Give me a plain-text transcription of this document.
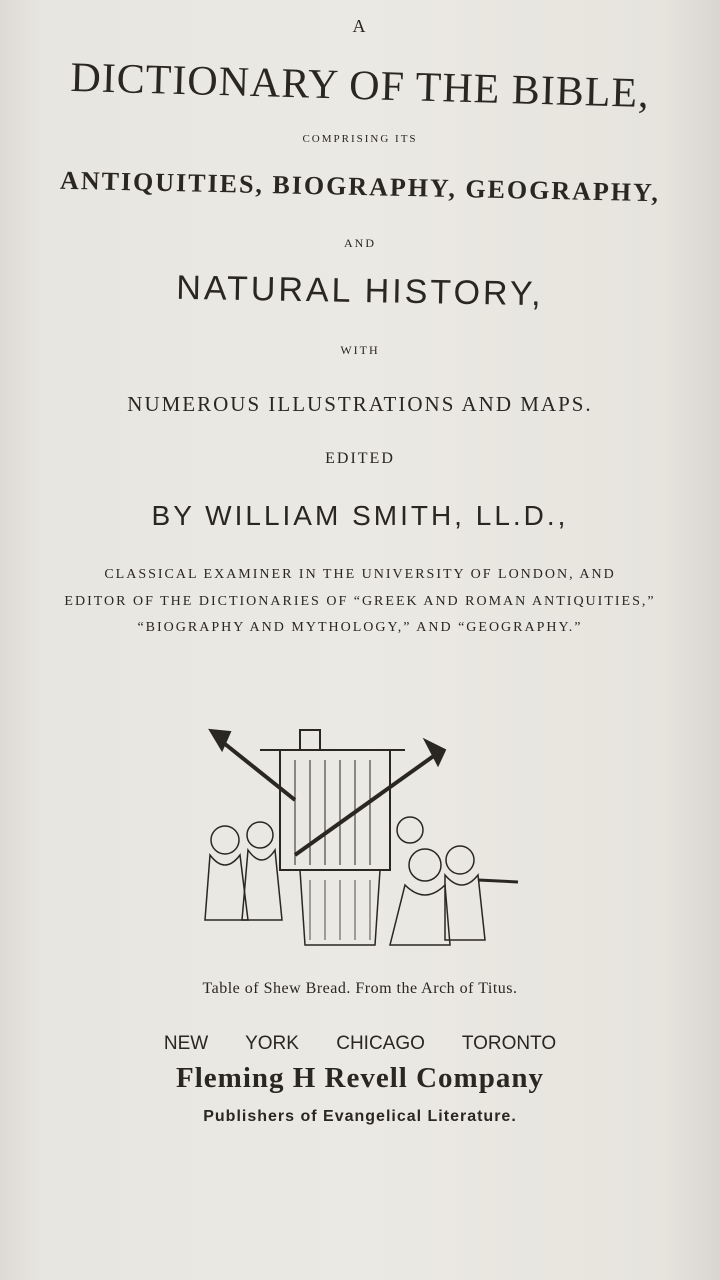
A
DICTIONARY OF THE BIBLE,
COMPRISING ITS
ANTIQUITIES, BIOGRAPHY, GEOGRAPHY,
AND
NATURAL HISTORY,
WITH
NUMEROUS ILLUSTRATIONS AND MAPS.
EDITED
BY WILLIAM SMITH, LL.D.,
CLASSICAL EXAMINER IN THE UNIVERSITY OF LONDON, AND
EDITOR OF THE DICTIONARIES OF “GREEK AND ROMAN ANTIQUITIES,”
“BIOGRAPHY AND MYTHOLOGY,” AND “GEOGRAPHY.”
Table of Shew Bread. From the Arch of Titus.
NEW YORK CHICAGO TORONTO
Fleming H Revell Company
Publishers of Evangelical Literature.
